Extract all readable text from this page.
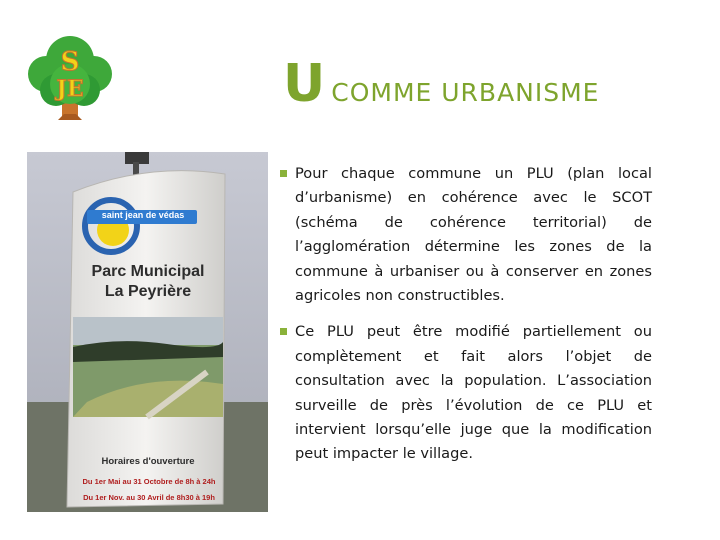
S
JE	UCOMME URBANISME
saint jean de védas
Parc Municipal
La Peyrière
Horaires d'ouverture
Du 1er Mai au 31 Octobre de 8h à 24h
Du 1er Nov. au 30 Avril de 8h30 à 19h
Pour chaque commune un PLU (plan local d’urbanisme) en cohérence avec le SCOT (schéma de cohérence territorial) de l’agglomération détermine les zones de la commune à urbaniser ou à conserver en zones agricoles non constructibles.
Ce PLU peut être modifié partiellement ou complètement et fait alors l’objet de consultation avec la population. L’association surveille de près l’évolution de ce PLU et intervient lorsqu’elle juge que la modification peut impacter le village.
